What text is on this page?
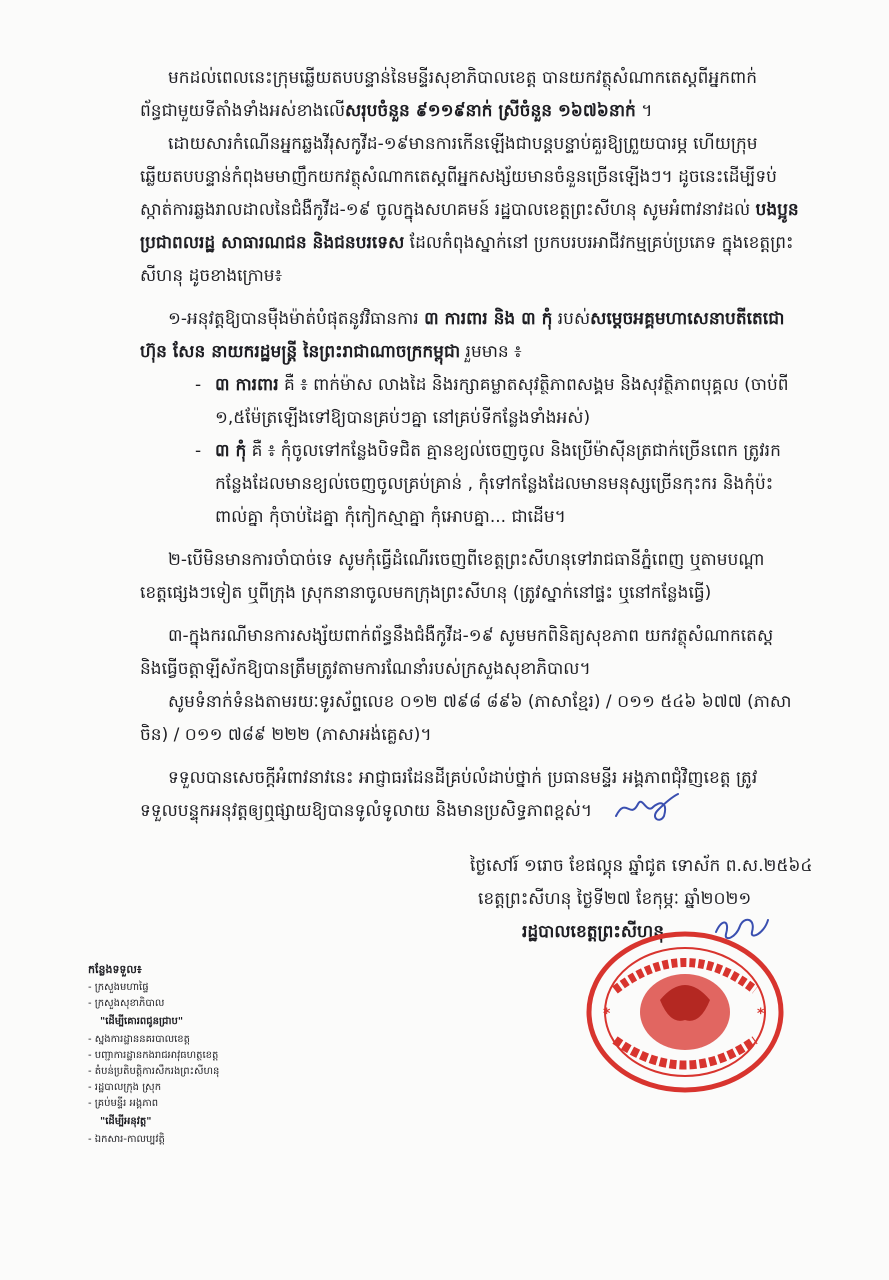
មកដល់ពេលនេះក្រុមឆ្លើយតបបន្ទាន់នៃមន្ទីរសុខាភិបាលខេត្ត បានយកវត្ថុសំណាកតេស្តពីអ្នកពាក់

ព័ន្ធជាមួយទីតាំងទាំងអស់ខាងលើសរុបចំនួន ៩១១៩នាក់ ស្រីចំនួន ១៦៧៦នាក់ ។

ដោយសារកំណើនអ្នកឆ្លងវីរុសកូវីដ-១៩មានការកើនឡើងជាបន្តបន្ទាប់គួរឱ្យព្រួយបារម្ភ ហើយក្រុម

ឆ្លើយតបបន្ទាន់កំពុងមមាញឹកយកវត្ថុសំណាកតេស្តពីអ្នកសង្ស័យមានចំនួនច្រើនឡើងៗ។ ដូចនេះដើម្បីទប់

ស្កាត់ការឆ្លងរាលដាលនៃជំងឺកូវីដ-១៩ ចូលក្នុងសហគមន៍ រដ្ឋបាលខេត្តព្រះសីហនុ សូមអំពាវនាវដល់ បងប្អូន

ប្រជាពលរដ្ឋ សាធារណជន និងជនបរទេស ដែលកំពុងស្នាក់នៅ ប្រកបរបរអាជីវកម្មគ្រប់ប្រភេទ ក្នុងខេត្តព្រះ

សីហនុ ដូចខាងក្រោម៖

១-អនុវត្តឱ្យបានម៉ឺងម៉ាត់បំផុតនូវវិធានការ ៣ ការពារ និង ៣ កុំ របស់សម្តេចអគ្គមហាសេនាបតីតេជោ

ហ៊ុន សែន នាយករដ្ឋមន្ត្រី នៃព្រះរាជាណាចក្រកម្ពុជា រួមមាន ៖

- ៣ ការពារ គឺ ៖ ពាក់ម៉ាស លាងដៃ និងរក្សាគម្លាតសុវត្ថិភាពសង្គម និងសុវត្ថិភាពបុគ្គល (ចាប់ពី

១,៥ម៉ែត្រឡើងទៅឱ្យបានគ្រប់ៗគ្នា នៅគ្រប់ទីកន្លែងទាំងអស់)

- ៣ កុំ គឺ ៖ កុំចូលទៅកន្លែងបិទជិត គ្មានខ្យល់ចេញចូល និងប្រើម៉ាស៊ីនត្រជាក់ច្រើនពេក ត្រូវរក

កន្លែងដែលមានខ្យល់ចេញចូលគ្រប់គ្រាន់ , កុំទៅកន្លែងដែលមានមនុស្សច្រើនកុះករ និងកុំប៉ះ

ពាល់គ្នា កុំចាប់ដៃគ្នា កុំកៀកស្មាគ្នា កុំអោបគ្នា... ជាដើម។

២-បើមិនមានការចាំបាច់ទេ សូមកុំធ្វើដំណើរចេញពីខេត្តព្រះសីហនុទៅរាជធានីភ្នំពេញ ឬតាមបណ្តា

ខេត្តផ្សេងៗទៀត ឬពីក្រុង ស្រុកនានាចូលមកក្រុងព្រះសីហនុ (ត្រូវស្នាក់នៅផ្ទះ ឬនៅកន្លែងធ្វើ)

៣-ក្នុងករណីមានការសង្ស័យពាក់ព័ន្ធនឹងជំងឺកូវីដ-១៩ សូមមកពិនិត្យសុខភាព យកវត្ថុសំណាកតេស្ត

និងធ្វើចត្តាឡីស័កឱ្យបានត្រឹមត្រូវតាមការណែនាំរបស់ក្រសួងសុខាភិបាល។

សូមទំនាក់ទំនងតាមរយៈទូរស័ព្ទលេខ ០១២ ៧៩៨ ៨៩៦ (ភាសាខ្មែរ) / ០១១ ៥៤៦ ៦៧៧ (ភាសា

ចិន) / ០១១ ៧៨៩ ២២២ (ភាសាអង់គ្លេស)។

ទទួលបានសេចក្តីអំពាវនាវនេះ អាជ្ញាធរដែនដីគ្រប់លំដាប់ថ្នាក់ ប្រធានមន្ទីរ អង្គភាពជុំវិញខេត្ត ត្រូវ

ទទួលបន្ទុកអនុវត្តឲ្យឮផ្សាយឱ្យបានទូលំទូលាយ និងមានប្រសិទ្ធភាពខ្ពស់។

ថ្ងៃសៅរ៍ ១រោច ខែផល្គុន ឆ្នាំជូត ទោស័ក ព.ស.២៥៦៤
ខេត្តព្រះសីហនុ ថ្ងៃទី២៧ ខែកុម្ភៈ ឆ្នាំ២០២១
រដ្ឋបាលខេត្តព្រះសីហនុ
*	*
កន្លែងទទួល៖
- ក្រសួងមហាផ្ទៃ
- ក្រសួងសុខាភិបាល
"ដើម្បីគោរពជូនជ្រាប"
- ស្នងការដ្ឋាននគរបាលខេត្ត
- បញ្ជាការដ្ឋានកងរាជអាវុធហត្ថខេត្ត
- តំបន់ប្រតិបត្តិការសឹករងព្រះសីហនុ
- រដ្ឋបាលក្រុង ស្រុក
- គ្រប់មន្ទីរ អង្គភាព
"ដើម្បីអនុវត្ត"
- ឯកសារ-កាលប្បវត្តិ
